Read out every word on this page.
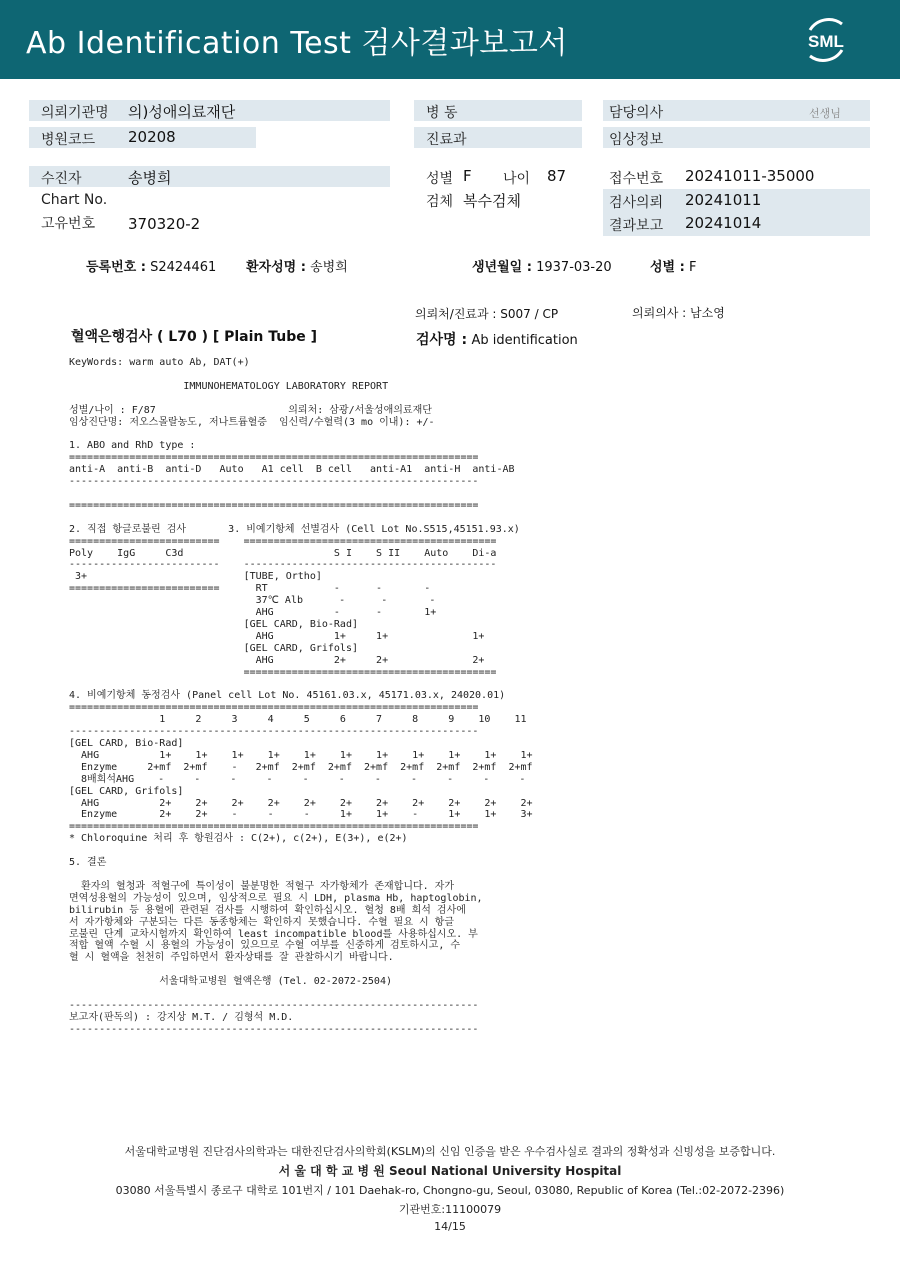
Ab Identification Test 검사결과보고서	SML
의뢰기관명 의)성애의료재단
병원코드 20208
병 동
진료과
담당의사	선생님
임상정보
수진자	송병희
Chart No.
고유번호 370320-2
성별 F 나이 87
검체 복수검체
접수번호 20241011-35000
검사의뢰 20241011
결과보고 20241014
등록번호 : S2424461 환자성명 : 송병희	생년월일 : 1937-03-20	성별 : F
의뢰처/진료과 : S007 / CP	의뢰의사 : 남소영
혈액은행검사 ( L70 ) [ Plain Tube ]	검사명 : Ab identification
KeyWords: warm auto Ab, DAT(+)

IMMUNOHEMATOLOGY LABORATORY REPORT

성별/나이 : F/87                      의뢰처: 삼광/서울성애의료재단
임상진단명: 저오스몰랄농도, 저나트륨혈증  임신력/수혈력(3 mo 이내): +/-

1. ABO and RhD type :
====================================================================
anti-A  anti-B  anti-D   Auto   A1 cell  B cell   anti-A1  anti-H  anti-AB
--------------------------------------------------------------------

====================================================================

2. 직접 항글로불린 검사       3. 비예기항체 선별검사 (Cell Lot No.S515,45151.93.x)
=========================    ==========================================
Poly    IgG     C3d                         S I    S II    Auto    Di-a
-------------------------    ------------------------------------------
3+                          [TUBE, Ortho]
=========================      RT           -      -       -
37℃ Alb      -      -       -
AHG          -      -       1+
[GEL CARD, Bio-Rad]
AHG          1+     1+              1+
[GEL CARD, Grifols]
AHG          2+     2+              2+
==========================================

4. 비예기항체 동정검사 (Panel cell Lot No. 45161.03.x, 45171.03.x, 24020.01)
====================================================================
1     2     3     4     5     6     7     8     9    10    11
--------------------------------------------------------------------
[GEL CARD, Bio-Rad]
AHG          1+    1+    1+    1+    1+    1+    1+    1+    1+    1+    1+
Enzyme     2+mf  2+mf    -   2+mf  2+mf  2+mf  2+mf  2+mf  2+mf  2+mf  2+mf
8배희석AHG    -     -     -     -     -     -     -     -     -     -     -
[GEL CARD, Grifols]
AHG          2+    2+    2+    2+    2+    2+    2+    2+    2+    2+    2+
Enzyme       2+    2+    -     -     -     1+    1+    -     1+    1+    3+
====================================================================
* Chloroquine 처리 후 항원검사 : C(2+), c(2+), E(3+), e(2+)

5. 결론

환자의 혈청과 적혈구에 특이성이 불분명한 적혈구 자가항체가 존재합니다. 자가
면역성용혈의 가능성이 있으며, 임상적으로 필요 시 LDH, plasma Hb, haptoglobin,
bilirubin 등 용혈에 관련된 검사를 시행하여 확인하십시오. 혈청 8배 희석 검사에
서 자가항체와 구분되는 다른 동종항체는 확인하지 못했습니다. 수혈 필요 시 항글
로불린 단계 교차시험까지 확인하여 least incompatible blood를 사용하십시오. 부
적합 혈액 수혈 시 용혈의 가능성이 있으므로 수혈 여부를 신중하게 검토하시고, 수
혈 시 혈액을 천천히 주입하면서 환자상태를 잘 관찰하시기 바랍니다.

서울대학교병원 혈액은행 (Tel. 02-2072-2504)

--------------------------------------------------------------------
보고자(판독의) : 강지상 M.T. / 김형석 M.D.
--------------------------------------------------------------------
서울대학교병원 진단검사의학과는 대한진단검사의학회(KSLM)의 신임 인증을 받은 우수검사실로 결과의 정확성과 신빙성을 보증합니다.
서 울 대 학 교 병 원 Seoul National University Hospital
03080 서울특별시 종로구 대학로 101번지 / 101 Daehak-ro, Chongno-gu, Seoul, 03080, Republic of Korea (Tel.:02-2072-2396)
기관번호:11100079
14/15
